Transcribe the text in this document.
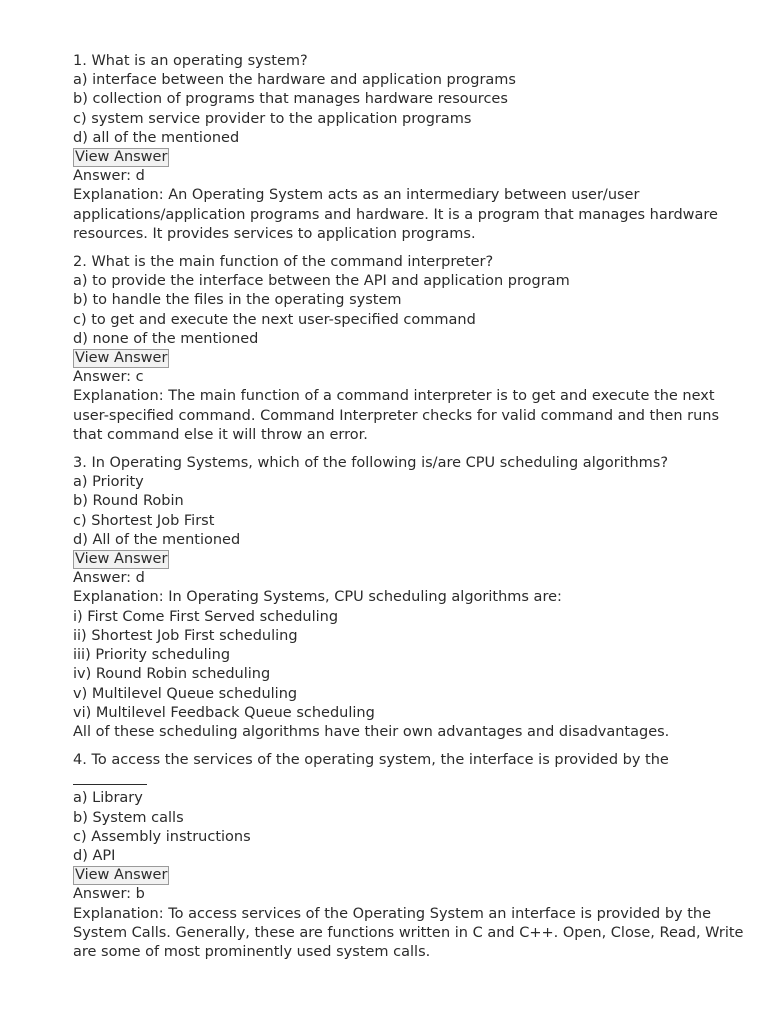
1. What is an operating system?
a) interface between the hardware and application programs
b) collection of programs that manages hardware resources
c) system service provider to the application programs
d) all of the mentioned
View Answer
Answer: d
Explanation: An Operating System acts as an intermediary between user/user
applications/application programs and hardware. It is a program that manages hardware
resources. It provides services to application programs.
2. What is the main function of the command interpreter?
a) to provide the interface between the API and application program
b) to handle the files in the operating system
c) to get and execute the next user-specified command
d) none of the mentioned
View Answer
Answer: c
Explanation: The main function of a command interpreter is to get and execute the next
user-specified command. Command Interpreter checks for valid command and then runs
that command else it will throw an error.
3. In Operating Systems, which of the following is/are CPU scheduling algorithms?
a) Priority
b) Round Robin
c) Shortest Job First
d) All of the mentioned
View Answer
Answer: d
Explanation: In Operating Systems, CPU scheduling algorithms are:
i) First Come First Served scheduling
ii) Shortest Job First scheduling
iii) Priority scheduling
iv) Round Robin scheduling
v) Multilevel Queue scheduling
vi) Multilevel Feedback Queue scheduling
All of these scheduling algorithms have their own advantages and disadvantages.
4. To access the services of the operating system, the interface is provided by the
a) Library
b) System calls
c) Assembly instructions
d) API
View Answer
Answer: b
Explanation: To access services of the Operating System an interface is provided by the
System Calls. Generally, these are functions written in C and C++. Open, Close, Read, Write
are some of most prominently used system calls.
